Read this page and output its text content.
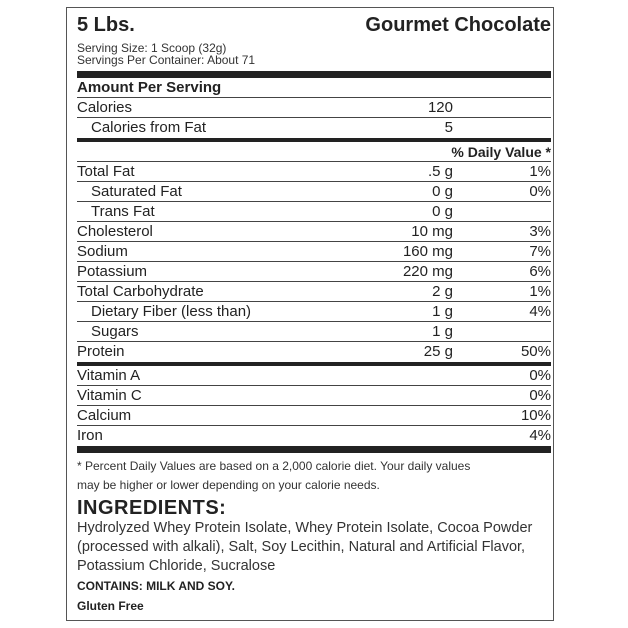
5 Lbs.	Gourmet Chocolate
Serving Size: 1 Scoop (32g)
Servings Per Container: About 71
Amount Per Serving
Calories	120
Calories from Fat	5
% Daily Value *
Total Fat	.5 g	1%
Saturated Fat	0 g	0%
Trans Fat	0 g
Cholesterol	10 mg	3%
Sodium	160 mg	7%
Potassium	220 mg	6%
Total Carbohydrate	2 g	1%
Dietary Fiber (less than)	1 g	4%
Sugars	1 g
Protein	25 g	50%
Vitamin A	0%
Vitamin C	0%
Calcium	10%
Iron	4%
* Percent Daily Values are based on a 2,000 calorie diet. Your daily values
may be higher or lower depending on your calorie needs.
INGREDIENTS:
Hydrolyzed Whey Protein Isolate, Whey Protein Isolate, Cocoa Powder (processed with alkali), Salt, Soy Lecithin, Natural and Artificial Flavor, Potassium Chloride, Sucralose
CONTAINS: MILK AND SOY.
Gluten Free
